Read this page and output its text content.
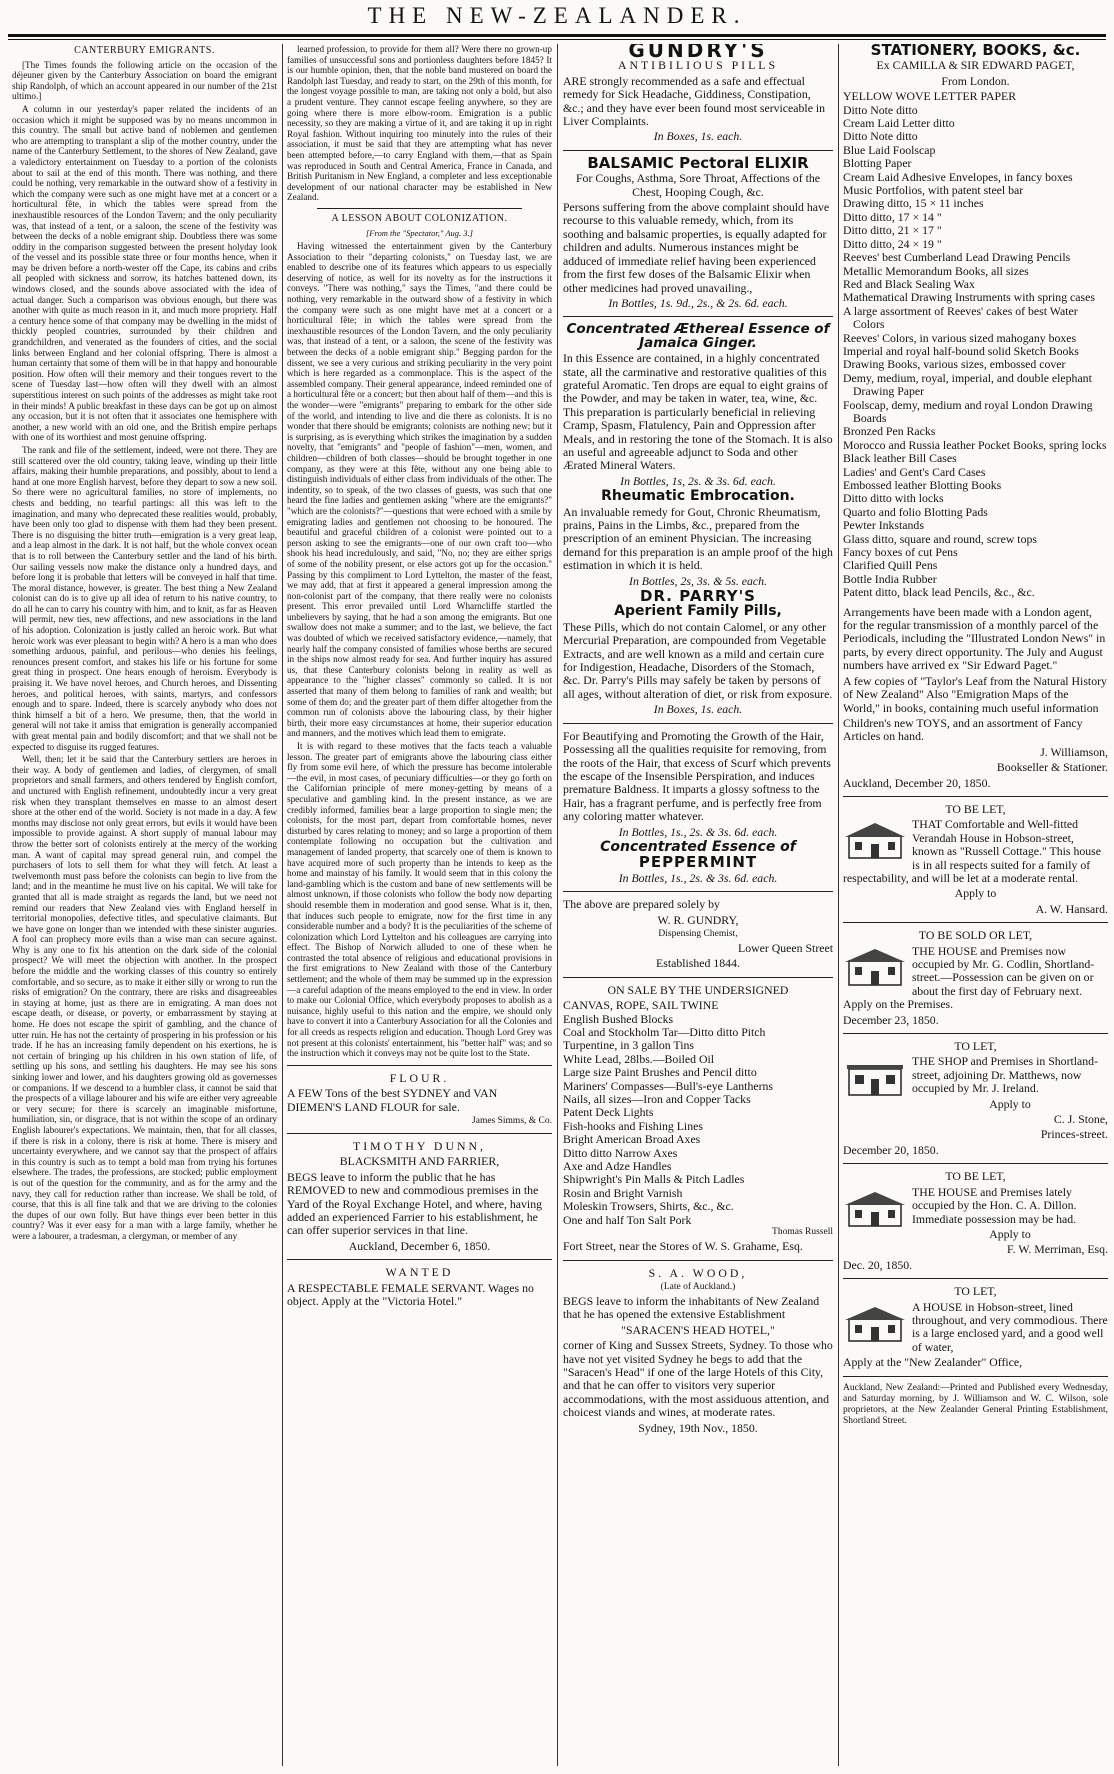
THE NEW-ZEALANDER.

CANTERBURY EMIGRANTS.

[The Times founds the following article on the occasion of the déjeuner given by the Canterbury Association on board the emigrant ship Randolph, of which an account appeared in our number of the 21st ultimo.]

A column in our yesterday's paper related the incidents of an occasion which it might be supposed was by no means uncommon in this country. The small but active band of noblemen and gentlemen who are attempting to transplant a slip of the mother country, under the name of the Canterbury Settlement, to the shores of New Zealand, gave a valedictory entertainment on Tuesday to a portion of the colonists about to sail at the end of this month. There was nothing, and there could be nothing, very remarkable in the outward show of a festivity in which the company were such as one might have met at a concert or a horticultural fête, in which the tables were spread from the inexhaustible resources of the London Tavern; and the only peculiarity was, that instead of a tent, or a saloon, the scene of the festivity was between the decks of a noble emigrant ship. Doubtless there was some oddity in the comparison suggested between the present holyday look of the vessel and its possible state three or four months hence, when it may be driven before a north-wester off the Cape, its cabins and cribs all peopled with sickness and sorrow, its hatches battened down, its windows closed, and the sounds above associated with the idea of actual danger. Such a comparison was obvious enough, but there was another with quite as much reason in it, and much more propriety. Half a century hence some of that company may be dwelling in the midst of thickly peopled countries, surrounded by their children and grandchildren, and venerated as the founders of cities, and the social links between England and her colonial offspring. There is almost a human certainty that some of them will be in that happy and honourable position. How often will their memory and their tongues revert to the scene of Tuesday last—how often will they dwell with an almost superstitious interest on such points of the addresses as might take root in their minds! A public breakfast in these days can be got up on almost any occasion, but it is not often that it associates one hemisphere with another, a new world with an old one, and the British empire perhaps with one of its worthiest and most genuine offspring.

The rank and file of the settlement, indeed, were not there. They are still scattered over the old country, taking leave, winding up their little affairs, making their humble preparations, and possibly, about to lend a hand at one more English harvest, before they depart to sow a new soil. So there were no agricultural families, no store of implements, no chests and bedding, no tearful partings: all this was left to the imagination, and many who deprecated these realities would, probably, have been only too glad to dispense with them had they been present. There is no disguising the bitter truth—emigration is a very great leap, and a leap almost in the dark. It is not half, but the whole convex ocean that is to roll between the Canterbury settler and the land of his birth. Our sailing vessels now make the distance only a hundred days, and before long it is probable that letters will be conveyed in half that time. The moral distance, however, is greater. The best thing a New Zealand colonist can do is to give up all idea of return to his native country, to do all he can to carry his country with him, and to knit, as far as Heaven will permit, new ties, new affections, and new associations in the land of his adoption. Colonization is justly called an heroic work. But what heroic work was ever pleasant to begin with? A hero is a man who does something arduous, painful, and perilous—who denies his feelings, renounces present comfort, and stakes his life or his fortune for some great thing in prospect. One hears enough of heroism. Everybody is praising it. We have novel heroes, and Church heroes, and Dissenting heroes, and political heroes, with saints, martyrs, and confessors enough and to spare. Indeed, there is scarcely anybody who does not think himself a bit of a hero. We presume, then, that the world in general will not take it amiss that emigration is generally accompanied with great mental pain and bodily discomfort; and that we shall not be expected to disguise its rugged features.

Well, then; let it be said that the Canterbury settlers are heroes in their way. A body of gentlemen and ladies, of clergymen, of small proprietors and small farmers, and others tendered by English comfort, and unctured with English refinement, undoubtedly incur a very great risk when they transplant themselves en masse to an almost desert shore at the other end of the world. Society is not made in a day. A few months may disclose not only great errors, but evils it would have been impossible to provide against. A short supply of manual labour may throw the better sort of colonists entirely at the mercy of the working man. A want of capital may spread general ruin, and compel the purchasers of lots to sell them for what they will fetch. At least a twelvemonth must pass before the colonists can begin to live from the land; and in the meantime he must live on his capital. We will take for granted that all is made straight as regards the land, but we need not remind our readers that New Zealand vies with England herself in territorial monopolies, defective titles, and speculative claimants. But we have gone on longer than we intended with these sinister auguries. A fool can prophecy more evils than a wise man can secure against. Why is any one to fix his attention on the dark side of the colonial prospect? We will meet the objection with another. In the prospect before the middle and the working classes of this country so entirely comfortable, and so secure, as to make it either silly or wrong to run the risks of emigration? On the contrary, there are risks and disagreeables in staying at home, just as there are in emigrating. A man does not escape death, or disease, or poverty, or embarrassment by staying at home. He does not escape the spirit of gambling, and the chance of utter ruin. He has not the certainty of prospering in his profession or his trade. If he has an increasing family dependent on his exertions, he is not certain of bringing up his children in his own station of life, of settling up his sons, and settling his daughters. He may see his sons sinking lower and lower, and his daughters growing old as governesses or companions. If we descend to a humbler class, it cannot be said that the prospects of a village labourer and his wife are either very agreeable or very secure; for there is scarcely an imaginable misfortune, humiliation, sin, or disgrace, that is not within the scope of an ordinary English labourer's expectations. We maintain, then, that for all classes, if there is risk in a colony, there is risk at home. There is misery and uncertainty everywhere, and we cannot say that the prospect of affairs in this country is such as to tempt a bold man from trying his fortunes elsewhere. The trades, the professions, are stocked; public employment is out of the question for the community, and as for the army and the navy, they call for reduction rather than increase. We shall be told, of course, that this is all fine talk and that we are driving to the colonies the dupes of our own folly. But have things ever been better in this country? Was it ever easy for a man with a large family, whether he were a labourer, a tradesman, a clergyman, or member of any

learned profession, to provide for them all? Were there no grown-up families of unsuccessful sons and portionless daughters before 1845? It is our humble opinion, then, that the noble band mustered on board the Randolph last Tuesday, and ready to start, on the 29th of this month, for the longest voyage possible to man, are taking not only a bold, but also a prudent venture. They cannot escape feeling anywhere, so they are going where there is more elbow-room. Emigration is a public necessity, so they are making a virtue of it, and are taking it up in right Royal fashion. Without inquiring too minutely into the rules of their association, it must be said that they are attempting what has never been attempted before,—to carry England with them,—that as Spain was reproduced in South and Central America, France in Canada, and British Puritanism in New England, a completer and less exceptionable development of our national character may be established in New Zealand.

A LESSON ABOUT COLONIZATION.

[From the "Spectator," Aug. 3.]

Having witnessed the entertainment given by the Canterbury Association to their "departing colonists," on Tuesday last, we are enabled to describe one of its features which appears to us especially deserving of notice, as well for its novelty as for the instructions it conveys. "There was nothing," says the Times, "and there could be nothing, very remarkable in the outward show of a festivity in which the company were such as one might have met at a concert or a horticultural fête; in which the tables were spread from the inexhaustible resources of the London Tavern, and the only peculiarity was, that instead of a tent, or a saloon, the scene of the festivity was between the decks of a noble emigrant ship." Begging pardon for the dissent, we see a very curious and striking peculiarity in the very point which is here regarded as a commonplace. This is the aspect of the assembled company. Their general appearance, indeed reminded one of a horticultural fête or a concert; but then about half of them—and this is the wonder—were "emigrants" preparing to embark for the other side of the world, and intending to live and die there as colonists. It is no wonder that there should be emigrants; colonists are nothing new; but it is surprising, as is everything which strikes the imagination by a sudden novelty, that "emigrants" and "people of fashion"—men, women, and children—children of both classes—should be brought together in one company, as they were at this fête, without any one being able to distinguish individuals of either class from individuals of the other. The indentity, so to speak, of the two classes of guests, was such that one heard the fine ladies and gentlemen asking "where are the emigrants?" "which are the colonists?"—questions that were echoed with a smile by emigrating ladies and gentlemen not choosing to be honoured. The beautiful and graceful children of a colonist were pointed out to a person asking to see the emigrants—one of our own craft too—who shook his head incredulously, and said, "No, no; they are either sprigs of some of the nobility present, or else actors got up for the occasion." Passing by this compliment to Lord Lyttelton, the master of the feast, we may add, that at first it appeared a general impression among the non-colonist part of the company, that there really were no colonists present. This error prevailed until Lord Wharncliffe startled the unbelievers by saying, that he had a son among the emigrants. But one swallow does not make a summer; and to the last, we believe, the fact was doubted of which we received satisfactory evidence,—namely, that nearly half the company consisted of families whose berths are secured in the ships now almost ready for sea. And further inquiry has assured us, that these Canterbury colonists belong in reality as well as appearance to the "higher classes" commonly so called. It is not asserted that many of them belong to families of rank and wealth; but some of them do; and the greater part of them differ altogether from the common run of colonists above the labouring class, by their higher birth, their more easy circumstances at home, their superior education and manners, and the motives which lead them to emigrate.

It is with regard to these motives that the facts teach a valuable lesson. The greater part of emigrants above the labouring class either fly from some evil here, of which the pressure has become intolerable—the evil, in most cases, of pecuniary difficulties—or they go forth on the Californian principle of mere money-getting by means of a speculative and gambling kind. In the present instance, as we are credibly informed, families bear a large proportion to single men; the colonists, for the most part, depart from comfortable homes, never disturbed by cares relating to money; and so large a proportion of them contemplate following no occupation but the cultivation and management of landed property, that scarcely one of them is known to have acquired more of such property than he intends to keep as the home and mainstay of his family. It would seem that in this colony the land-gambling which is the custom and bane of new settlements will be almost unknown, if those colonists who follow the body now departing should resemble them in moderation and good sense. What is it, then, that induces such people to emigrate, now for the first time in any considerable number and a body? It is the peculiarities of the scheme of colonization which Lord Lyttelton and his colleagues are carrying into effect. The Bishop of Norwich alluded to one of these when he contrasted the total absence of religious and educational provisions in the first emigrations to New Zealand with those of the Canterbury settlement; and the whole of them may be summed up in the expression—a careful adaption of the means employed to the end in view. In order to make our Colonial Office, which everybody proposes to abolish as a nuisance, highly useful to this nation and the empire, we should only have to convert it into a Canterbury Association for all the Colonies and for all creeds as respects religion and education. Though Lord Grey was not present at this colonists' entertainment, his "better half" was; and so the instruction which it conveys may not be quite lost to the State.

FLOUR.

A FEW Tons of the best SYDNEY and VAN DIEMEN'S LAND FLOUR for sale.

James Simms, & Co.

TIMOTHY DUNN,

BLACKSMITH AND FARRIER,

BEGS leave to inform the public that he has REMOVED to new and commodious premises in the Yard of the Royal Exchange Hotel, and where, having added an experienced Farrier to his establishment, he can offer superior services in that line.

Auckland, December 6, 1850.

WANTED

A RESPECTABLE FEMALE SERVANT. Wages no object. Apply at the "Victoria Hotel."

GUNDRY'S

ANTIBILIOUS PILLS

ARE strongly recommended as a safe and effectual remedy for Sick Headache, Giddiness, Constipation, &c.; and they have ever been found most serviceable in Liver Complaints.

In Boxes, 1s. each.

BALSAMIC Pectoral ELIXIR

For Coughs, Asthma, Sore Throat, Affections of the Chest, Hooping Cough, &c.

Persons suffering from the above complaint should have recourse to this valuable remedy, which, from its soothing and balsamic properties, is equally adapted for children and adults. Numerous instances might be adduced of immediate relief having been experienced from the first few doses of the Balsamic Elixir when other medicines had proved unavailing.,

In Bottles, 1s. 9d., 2s., & 2s. 6d. each.

Concentrated Æthereal Essence of Jamaica Ginger.

In this Essence are contained, in a highly concentrated state, all the carminative and restorative qualities of this grateful Aromatic. Ten drops are equal to eight grains of the Powder, and may be taken in water, tea, wine, &c. This preparation is particularly beneficial in relieving Cramp, Spasm, Flatulency, Pain and Oppression after Meals, and in restoring the tone of the Stomach. It is also an useful and agreeable adjunct to Soda and other Ærated Mineral Waters.

In Bottles, 1s, 2s. & 3s. 6d. each.

Rheumatic Embrocation.

An invaluable remedy for Gout, Chronic Rheumatism, prains, Pains in the Limbs, &c., prepared from the prescription of an eminent Physician. The increasing demand for this preparation is an ample proof of the high estimation in which it is held.

In Bottles, 2s, 3s. & 5s. each.

DR. PARRY'S

Aperient Family Pills,

These Pills, which do not contain Calomel, or any other Mercurial Preparation, are compounded from Vegetable Extracts, and are well known as a mild and certain cure for Indigestion, Headache, Disorders of the Stomach, &c. Dr. Parry's Pills may safely be taken by persons of all ages, without alteration of diet, or risk from exposure.

In Boxes, 1s. each.

For Beautifying and Promoting the Growth of the Hair, Possessing all the qualities requisite for removing, from the roots of the Hair, that excess of Scurf which prevents the escape of the Insensible Perspiration, and induces premature Baldness. It imparts a glossy softness to the Hair, has a fragrant perfume, and is perfectly free from any coloring matter whatever.

In Bottles, 1s., 2s. & 3s. 6d. each.

Concentrated Essence of

PEPPERMINT

In Bottles, 1s., 2s. & 3s. 6d. each.

The above are prepared solely by

W. R. GUNDRY,

Dispensing Chemist,

Lower Queen Street

Established 1844.

ON SALE BY THE UNDERSIGNED

CANVAS, ROPE, SAIL TWINE
English Bushed Blocks
Coal and Stockholm Tar—Ditto ditto Pitch
Turpentine, in 3 gallon Tins
White Lead, 28lbs.—Boiled Oil
Large size Paint Brushes and Pencil ditto
Mariners' Compasses—Bull's-eye Lantherns
Nails, all sizes—Iron and Copper Tacks
Patent Deck Lights
Fish-hooks and Fishing Lines
Bright American Broad Axes
Ditto ditto Narrow Axes
Axe and Adze Handles
Shipwright's Pin Malls & Pitch Ladles
Rosin and Bright Varnish
Moleskin Trowsers, Shirts, &c., &c.
One and half Ton Salt Pork

Thomas Russell

Fort Street, near the Stores of W. S. Grahame, Esq.

S. A. WOOD,

(Late of Auckland.)

BEGS leave to inform the inhabitants of New Zealand that he has opened the extensive Establishment

"SARACEN'S HEAD HOTEL,"

corner of King and Sussex Streets, Sydney. To those who have not yet visited Sydney he begs to add that the "Saracen's Head" if one of the large Hotels of this City, and that he can offer to visitors very superior accommodations, with the most assiduous attention, and choicest viands and wines, at moderate rates.

Sydney, 19th Nov., 1850.

STATIONERY, BOOKS, &c.

Ex CAMILLA & SIR EDWARD PAGET,

From London.

YELLOW WOVE LETTER PAPER
Ditto Note ditto
Cream Laid Letter ditto
Ditto Note ditto
Blue Laid Foolscap
Blotting Paper
Cream Laid Adhesive Envelopes, in fancy boxes
Music Portfolios, with patent steel bar
Drawing ditto, 15 × 11 inches
Ditto ditto, 17 × 14 "
Ditto ditto, 21 × 17 "
Ditto ditto, 24 × 19 "
Reeves' best Cumberland Lead Drawing Pencils
Metallic Memorandum Books, all sizes
Red and Black Sealing Wax
Mathematical Drawing Instruments with spring cases
A large assortment of Reeves' cakes of best Water Colors
Reeves' Colors, in various sized mahogany boxes
Imperial and royal half-bound solid Sketch Books
Drawing Books, various sizes, embossed cover
Demy, medium, royal, imperial, and double elephant Drawing Paper
Foolscap, demy, medium and royal London Drawing Boards
Bronzed Pen Racks
Morocco and Russia leather Pocket Books, spring locks
Black leather Bill Cases
Ladies' and Gent's Card Cases
Embossed leather Blotting Books
Ditto ditto with locks
Quarto and folio Blotting Pads
Pewter Inkstands
Glass ditto, square and round, screw tops
Fancy boxes of cut Pens
Clarified Quill Pens
Bottle India Rubber
Patent ditto, black lead Pencils, &c., &c.

Arrangements have been made with a London agent, for the regular transmission of a monthly parcel of the Periodicals, including the "Illustrated London News" in parts, by every direct opportunity. The July and August numbers have arrived ex "Sir Edward Paget."

A few copies of "Taylor's Leaf from the Natural History of New Zealand" Also "Emigration Maps of the World," in books, containing much useful information

Children's new TOYS, and an assortment of Fancy Articles on hand.

J. Williamson,

Bookseller & Stationer.

Auckland, December 20, 1850.

TO BE LET,

THAT Comfortable and Well-fitted Verandah House in Hobson-street, known as "Russell Cottage." This house is in all respects suited for a family of respectability, and will be let at a moderate rental.

Apply to

A. W. Hansard.

TO BE SOLD OR LET,

THE HOUSE and Premises now occupied by Mr. G. Codlin, Shortland-street.—Possession can be given on or about the first day of February next. Apply on the Premises.

December 23, 1850.

TO LET,

THE SHOP and Premises in Shortland-street, adjoining Dr. Matthews, now occupied by Mr. J. Ireland.

Apply to

C. J. Stone,

Princes-street.

December 20, 1850.

TO BE LET,

THE HOUSE and Premises lately occupied by the Hon. C. A. Dillon. Immediate possession may be had.

Apply to

F. W. Merriman, Esq.

Dec. 20, 1850.

TO LET,

A HOUSE in Hobson-street, lined throughout, and very commodious. There is a large enclosed yard, and a good well of water,

Apply at the "New Zealander" Office,

Auckland, New Zealand:—Printed and Published every Wednesday, and Saturday morning, by J. Williamson and W. C. Wilson, sole proprietors, at the New Zealander General Printing Establishment, Shortland Street.
